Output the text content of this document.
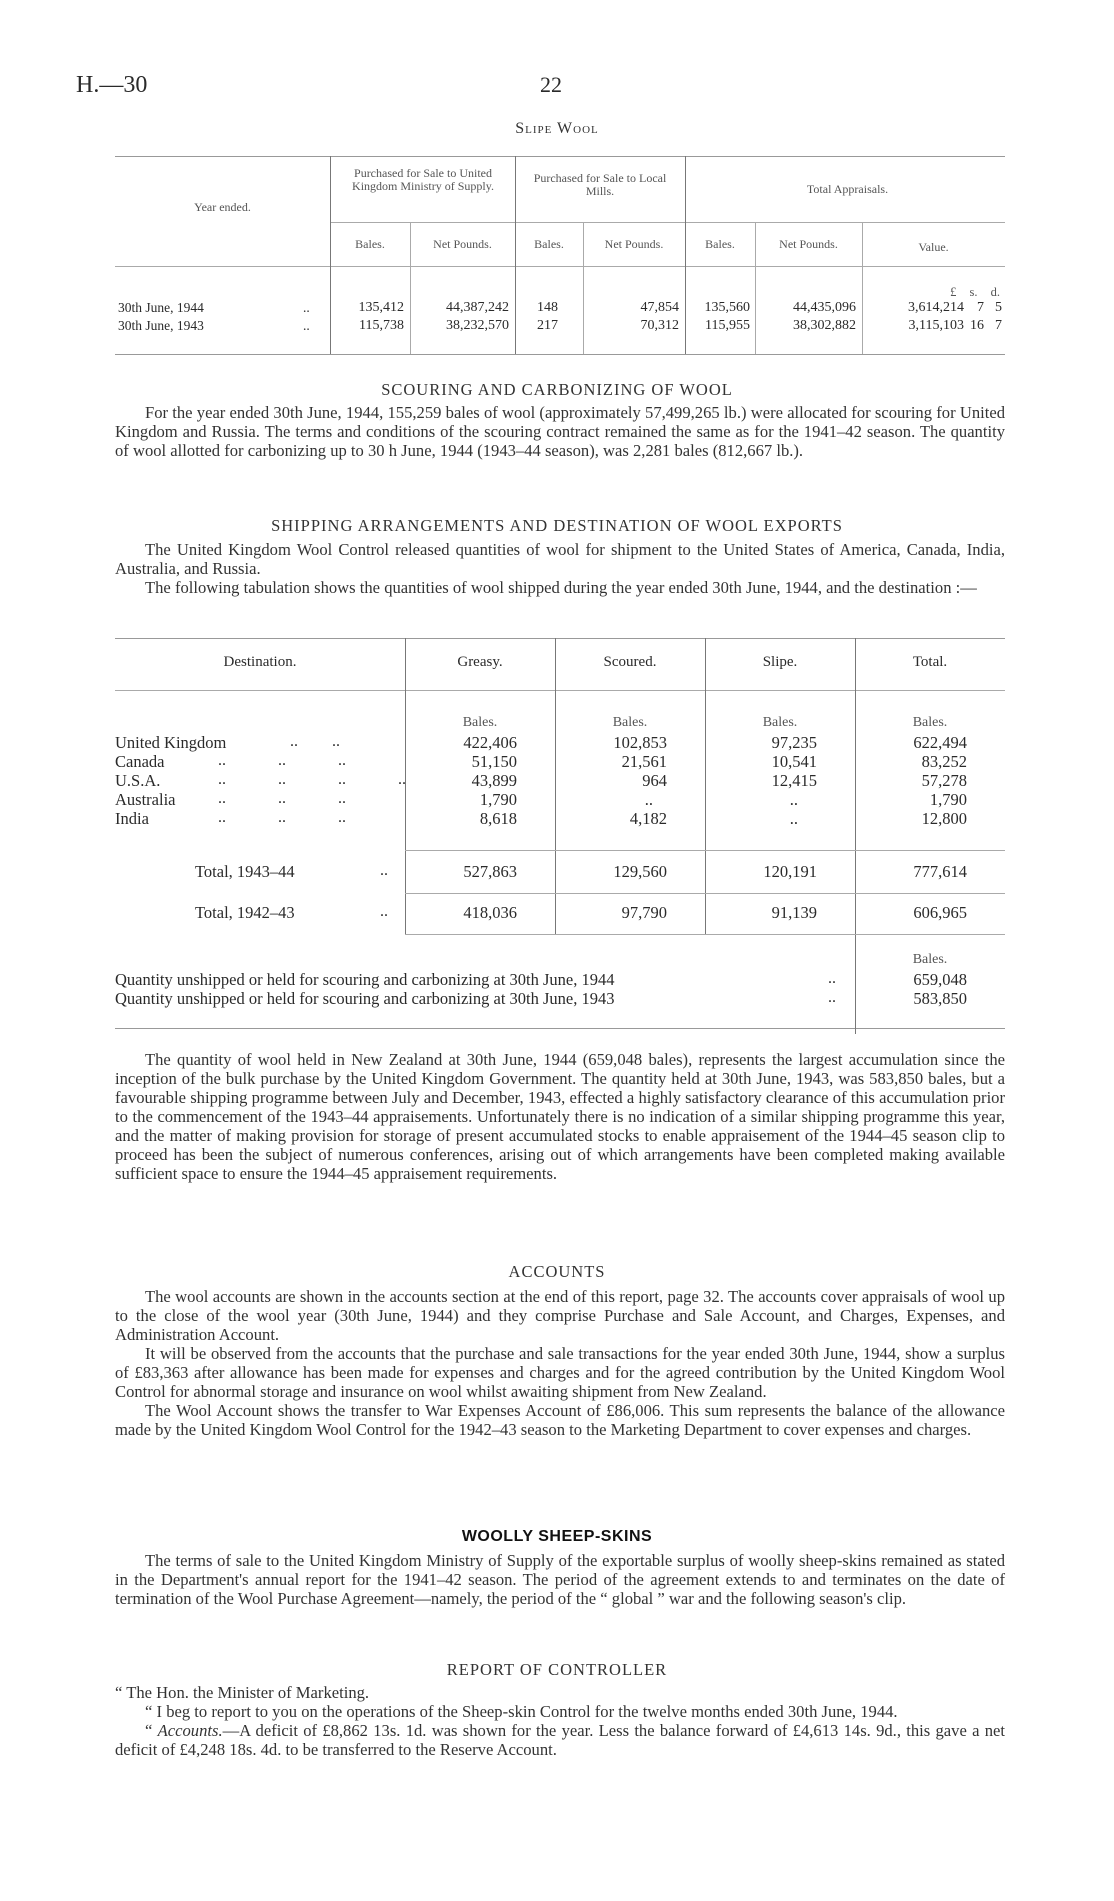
H.—30	22
Slipe Wool
Year ended.
Purchased for Sale to United Kingdom Ministry of Supply.
Purchased for Sale to Local Mills.	Total Appraisals.
Bales.	Net Pounds.	Bales.	Net Pounds.	Bales.	Net Pounds.	Value.
£ s. d.
30th June, 1944	..	135,412	44,387,242	148	47,854	135,560	44,435,096	3,614,214 7 5
30th June, 1943	..	115,738	38,232,570	217	70,312	115,955	38,302,882	3,115,103 16 7
SCOURING AND CARBONIZING OF WOOL

For the year ended 30th June, 1944, 155,259 bales of wool (approximately 57,499,265 lb.) were allocated for scouring for United Kingdom and Russia. The terms and conditions of the scouring contract remained the same as for the 1941–42 season. The quantity of wool allotted for carbonizing up to 30 h June, 1944 (1943–44 season), was 2,281 bales (812,667 lb.).

SHIPPING ARRANGEMENTS AND DESTINATION OF WOOL EXPORTS

The United Kingdom Wool Control released quantities of wool for shipment to the United States of America, Canada, India, Australia, and Russia.

The following tabulation shows the quantities of wool shipped during the year ended 30th June, 1944, and the destination :—

Destination.	Greasy.	Scoured.	Slipe.	Total.
Bales.	Bales.	Bales.	Bales.
United Kingdom	.. ..	422,406	102,853	97,235	622,494
Canada	.. .. ..	51,150	21,561	10,541	83,252
U.S.A.	.. .. .. ..	43,899	964	12,415	57,278
Australia	.. .. ..	1,790	..	..	1,790
India	.. .. ..	8,618	4,182	..	12,800
Total, 1943–44	..	527,863	129,560	120,191	777,614
Total, 1942–43	..	418,036	97,790	91,139	606,965
Bales.
Quantity unshipped or held for scouring and carbonizing at 30th June, 1944	..	659,048
Quantity unshipped or held for scouring and carbonizing at 30th June, 1943	..	583,850

The quantity of wool held in New Zealand at 30th June, 1944 (659,048 bales), represents the largest accumulation since the inception of the bulk purchase by the United Kingdom Government. The quantity held at 30th June, 1943, was 583,850 bales, but a favourable shipping programme between July and December, 1943, effected a highly satisfactory clearance of this accumulation prior to the commencement of the 1943–44 appraisements. Unfortunately there is no indication of a similar shipping programme this year, and the matter of making provision for storage of present accumulated stocks to enable appraisement of the 1944–45 season clip to proceed has been the subject of numerous conferences, arising out of which arrangements have been completed making available sufficient space to ensure the 1944–45 appraisement requirements.

ACCOUNTS

The wool accounts are shown in the accounts section at the end of this report, page 32. The accounts cover appraisals of wool up to the close of the wool year (30th June, 1944) and they comprise Purchase and Sale Account, and Charges, Expenses, and Administration Account.

It will be observed from the accounts that the purchase and sale transactions for the year ended 30th June, 1944, show a surplus of £83,363 after allowance has been made for expenses and charges and for the agreed contribution by the United Kingdom Wool Control for abnormal storage and insurance on wool whilst awaiting shipment from New Zealand.

The Wool Account shows the transfer to War Expenses Account of £86,006. This sum represents the balance of the allowance made by the United Kingdom Wool Control for the 1942–43 season to the Marketing Department to cover expenses and charges.

WOOLLY SHEEP-SKINS

The terms of sale to the United Kingdom Ministry of Supply of the exportable surplus of woolly sheep-skins remained as stated in the Department's annual report for the 1941–42 season. The period of the agreement extends to and terminates on the date of termination of the Wool Purchase Agreement—namely, the period of the “ global ” war and the following season's clip.

REPORT OF CONTROLLER

“ The Hon. the Minister of Marketing.

“ I beg to report to you on the operations of the Sheep-skin Control for the twelve months ended 30th June, 1944.

“ Accounts.—A deficit of £8,862 13s. 1d. was shown for the year. Less the balance forward of £4,613 14s. 9d., this gave a net deficit of £4,248 18s. 4d. to be transferred to the Reserve Account.
